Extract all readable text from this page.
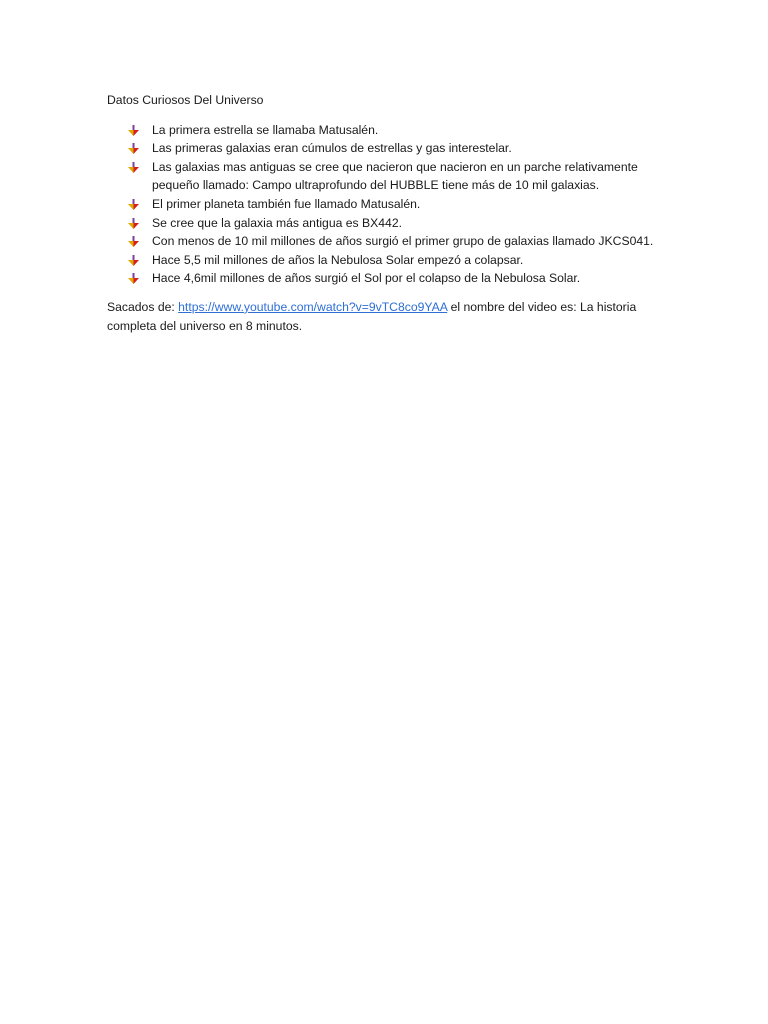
Datos Curiosos Del Universo

La primera estrella se llamaba Matusalén.
Las primeras galaxias eran cúmulos de estrellas y gas interestelar.
Las galaxias mas antiguas se cree que nacieron que nacieron en un parche relativamente pequeño llamado: Campo ultraprofundo del HUBBLE tiene más de 10 mil galaxias.
El primer planeta también fue llamado Matusalén.
Se cree que la galaxia más antigua es BX442.
Con menos de 10 mil millones de años surgió el primer grupo de galaxias llamado JKCS041.
Hace 5,5 mil millones de años la Nebulosa Solar empezó a colapsar.
Hace 4,6mil millones de años surgió el Sol por el colapso de la Nebulosa Solar.

Sacados de: https://www.youtube.com/watch?v=9vTC8co9YAA el nombre del video es: La historia completa del universo en 8 minutos.
